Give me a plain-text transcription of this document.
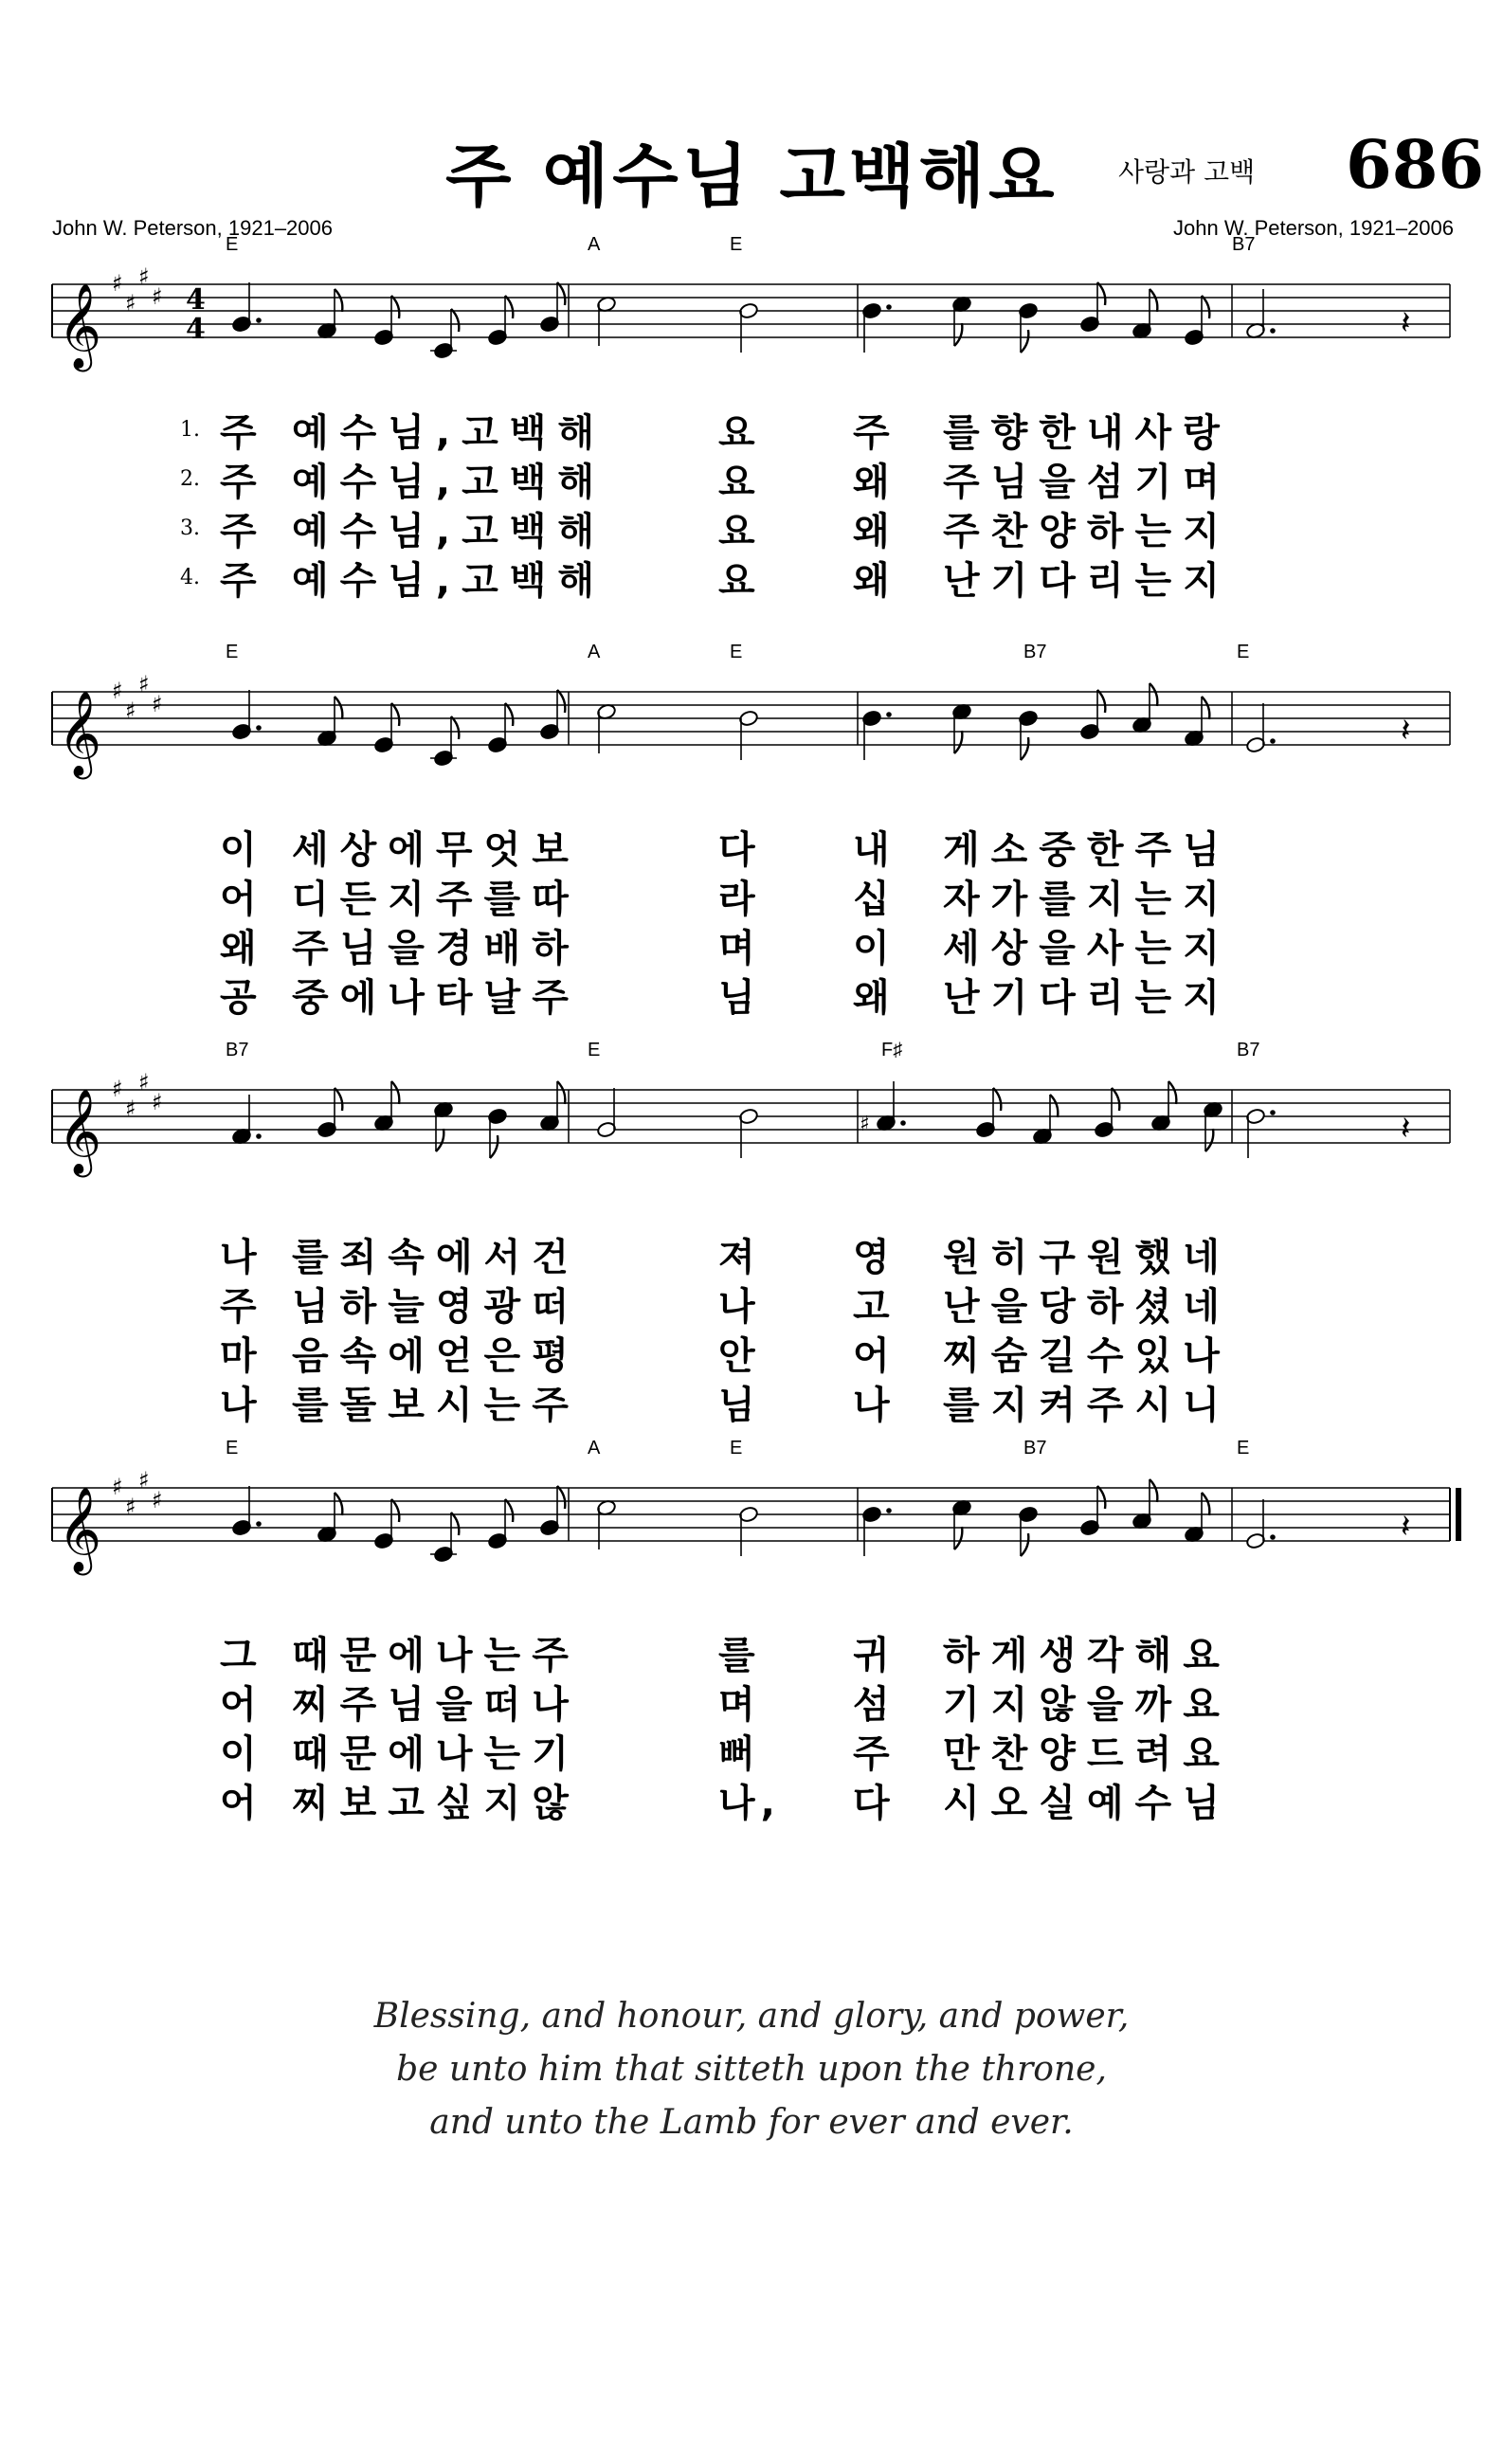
주 예수님 고백해요 사랑과 고백 686
John W. Peterson, 1921–2006	John W. Peterson, 1921–2006
𝄞 ♯
♯
♯
♯ 4
4
E	A	E	B7
𝄽
1. 주 예수님,고백해	요 주 를향한내사랑
2. 주 예수님,고백해	요 왜 주님을섬기며
3. 주 예수님,고백해	요 왜 주찬양하는지
4. 주 예수님,고백해	요 왜 난기다리는지
𝄞 ♯
♯
♯
♯
E	A	E	B7	E
𝄽
이 세상에무엇보	다 내 게소중한주님
어 디든지주를따	라 십 자가를지는지
왜 주님을경배하	며 이 세상을사는지
공 중에나타날주	님 왜 난기다리는지
𝄞 ♯
♯
♯
♯
B7	E	F♯	B7
♯	𝄽
나 를죄속에서건	져 영 원히구원했네
주 님하늘영광떠	나 고 난을당하셨네
마 음속에얻은평	안 어 찌숨길수있나
나 를돌보시는주	님 나 를지켜주시니
𝄞 ♯
♯
♯
♯
E	A	E	B7	E
𝄽
그 때문에나는주	를 귀 하게생각해요
어 찌주님을떠나	며 섬 기지않을까요
이 때문에나는기	뻐 주 만찬양드려요
어 찌보고싶지않	나, 다 시오실예수님
Blessing, and honour, and glory, and power,
be unto him that sitteth upon the throne,
and unto the Lamb for ever and ever.
